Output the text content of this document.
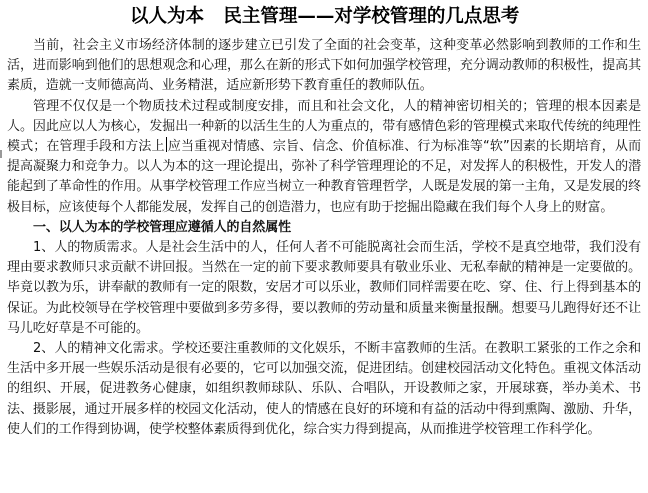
以人为本   民主管理——对学校管理的几点思考

当前，社会主义市场经济体制的逐步建立已引发了全面的社会变革，这种变革必然影响到教师的工作和生活，进而影响到他们的思想观念和心理，那么在新的形式下如何加强学校管理，充分调动教师的积极性，提高其素质，造就一支师德高尚、业务精湛，适应新形势下教育重任的教师队伍。

管理不仅仅是一个物质技术过程或制度安排，而且和社会文化，人的精神密切相关的；管理的根本因素是人。因此应以人为核心，发掘出一种新的以活生生的人为重点的，带有感情色彩的管理模式来取代传统的纯理性模式；在管理手段和方法上 应当重视对情感、宗旨、信念、价值标准、行为标准等“软”因素的长期培育，从而提高凝聚力和竞争力。以人为本的这一理论提出，弥补了科学管理理论的不足，对发挥人的积极性，开发人的潜能起到了革命性的作用。从事学校管理工作应当树立一种教育管理哲学，人既是发展的第一主角，又是发展的终极目标，应该使每个人都能发展，发挥自己的创造潜力，也应有助于挖掘出隐藏在我们每个人身上的财富。

一、以人为本的学校管理应遵循人的自然属性

1、人的物质需求。人是社会生活中的人，任何人者不可能脱离社会而生活，学校不是真空地带，我们没有理由要求教师只求贡献不讲回报。当然在一定的前下要求教师要具有敬业乐业、无私奉献的精神是一定要做的。毕竟以教为乐，讲奉献的教师有一定的限数，安居才可以乐业，教师们同样需要在吃、穿、住、行上得到基本的保证。为此校领导在学校管理中要做到多劳多得，要以教师的劳动量和质量来衡量报酬。想要马儿跑得好还不让马儿吃好草是不可能的。

2、人的精神文化需求。学校还要注重教师的文化娱乐，不断丰富教师的生活。在教职工紧张的工作之余和生活中多开展一些娱乐活动是很有必要的，它可以加强交流，促进团结。创建校园活动文化特色。重视文体活动的组织、开展，促进教务心健康，如组织教师球队、乐队、合唱队，开设教师之家，开展球赛，举办美术、书法、摄影展，通过开展多样的校园文化活动，使人的情感在良好的环境和有益的活动中得到熏陶、激励、升华，使人们的工作得到协调，使学校整体素质得到优化，综合实力得到提高，从而推进学校管理工作科学化。
